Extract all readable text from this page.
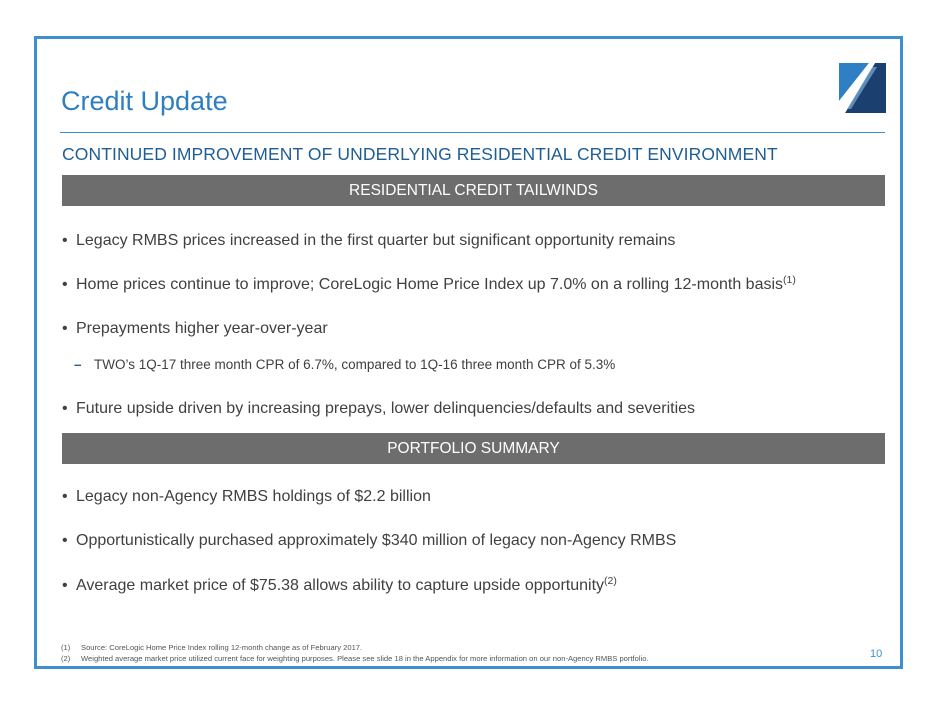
Credit Update
CONTINUED IMPROVEMENT OF UNDERLYING RESIDENTIAL CREDIT ENVIRONMENT
RESIDENTIAL CREDIT TAILWINDS
• Legacy RMBS prices increased in the first quarter but significant opportunity remains
• Home prices continue to improve; CoreLogic Home Price Index up 7.0% on a rolling 12-month basis$^{(1)}$
• Prepayments higher year-over-year
– TWO’s 1Q-17 three month CPR of 6.7%, compared to 1Q-16 three month CPR of 5.3%
• Future upside driven by increasing prepays, lower delinquencies/defaults and severities
PORTFOLIO SUMMARY
• Legacy non-Agency RMBS holdings of $2.2 billion
• Opportunistically purchased approximately $340 million of legacy non-Agency RMBS
• Average market price of $75.38 allows ability to capture upside opportunity$^{(2)}$
(1) Source: CoreLogic Home Price Index rolling 12-month change as of February 2017.
(2) Weighted average market price utilized current face for weighting purposes. Please see slide 18 in the Appendix for more information on our non-Agency RMBS portfolio.	10
